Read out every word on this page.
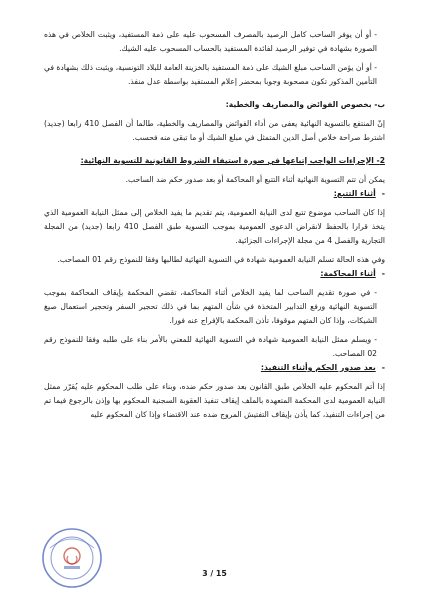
- أو أن يوفر الساحب كامل الرصيد بالمصرف المسحوب عليه على ذمة المستفيد، ويثبت الخلاص في هذه الصورة بشهادة في توفير الرصيد لفائدة المستفيد بالحساب المسحوب عليه الشيك.

- أو أن يؤمن الساحب مبلغ الشيك على ذمة المستفيد بالخزينة العامة للبلاد التونسية، ويثبت ذلك بشهادة في التأمين المذكور تكون مصحوبة وجوبا بمحضر إعلام المستفيد بواسطة عدل منفذ.

ب- بخصوص الفوائض والمصاريف والخطية:

إنّ المنتفع بالتسوية النهائية يعفى من أداء الفوائض والمصاريف والخطية، طالما أن الفصل 410 رابعا (جديد) اشترط صراحة خلاص أصل الدين المتمثل في مبلغ الشيك أو ما تبقى منه فحسب.

2- الإجراءات الواجب إتباعها في صورة استيفاء الشروط القانونية للتسوية النهائية:

يمكن أن تتم التسوية النهائية أثناء التتبع أو المحاكمة أو بعد صدور حكم ضد الساحب.

-أثناء التتبع:

إذا كان الساحب موضوع تتبع لدى النيابة العمومية، يتم تقديم ما يفيد الخلاص إلى ممثل النيابة العمومية الذي يتخذ قرارا بالحفظ لانقراض الدعوى العمومية بموجب التسوية طبق الفصل 410 رابعا (جديد) من المجلة التجارية والفصل 4 من مجلة الإجراءات الجزائية.

وفي هذه الحالة تسلم النيابة العمومية شهادة في التسوية النهائية لطالبها وفقا للنموذج رقم 01 المصاحب.

-أثناء المحاكمة:

- في صورة تقديم الساحب لما يفيد الخلاص أثناء المحاكمة، تقضي المحكمة بإيقاف المحاكمة بموجب التسوية النهائية ورفع التدابير المتخذة في شأن المتهم بما في ذلك تحجير السفر وتحجير استعمال صيغ الشيكات، وإذا كان المتهم موقوفا، تأذن المحكمة بالإفراج عنه فورا.

- ويسلم ممثل النيابة العمومية شهادة في التسوية النهائية للمعني بالأمر بناء على طلبه وفقا للنموذج رقم 02 المصاحب.

-بعد صدور الحكم وأثناء التنفيذ:

إذا أتم المحكوم عليه الخلاص طبق القانون بعد صدور حكم ضده، وبناء على طلب المحكوم عليه يُقرّر ممثل النيابة العمومية لدى المحكمة المتعهدة بالملف إيقاف تنفيذ العقوبة السجنية المحكوم بها وإذن بالرجوع فيما تم من إجراءات التنفيذ، كما يأذن بإيقاف التفتيش المروج ضده عند الاقتضاء وإذا كان المحكوم عليه

3 / 15
